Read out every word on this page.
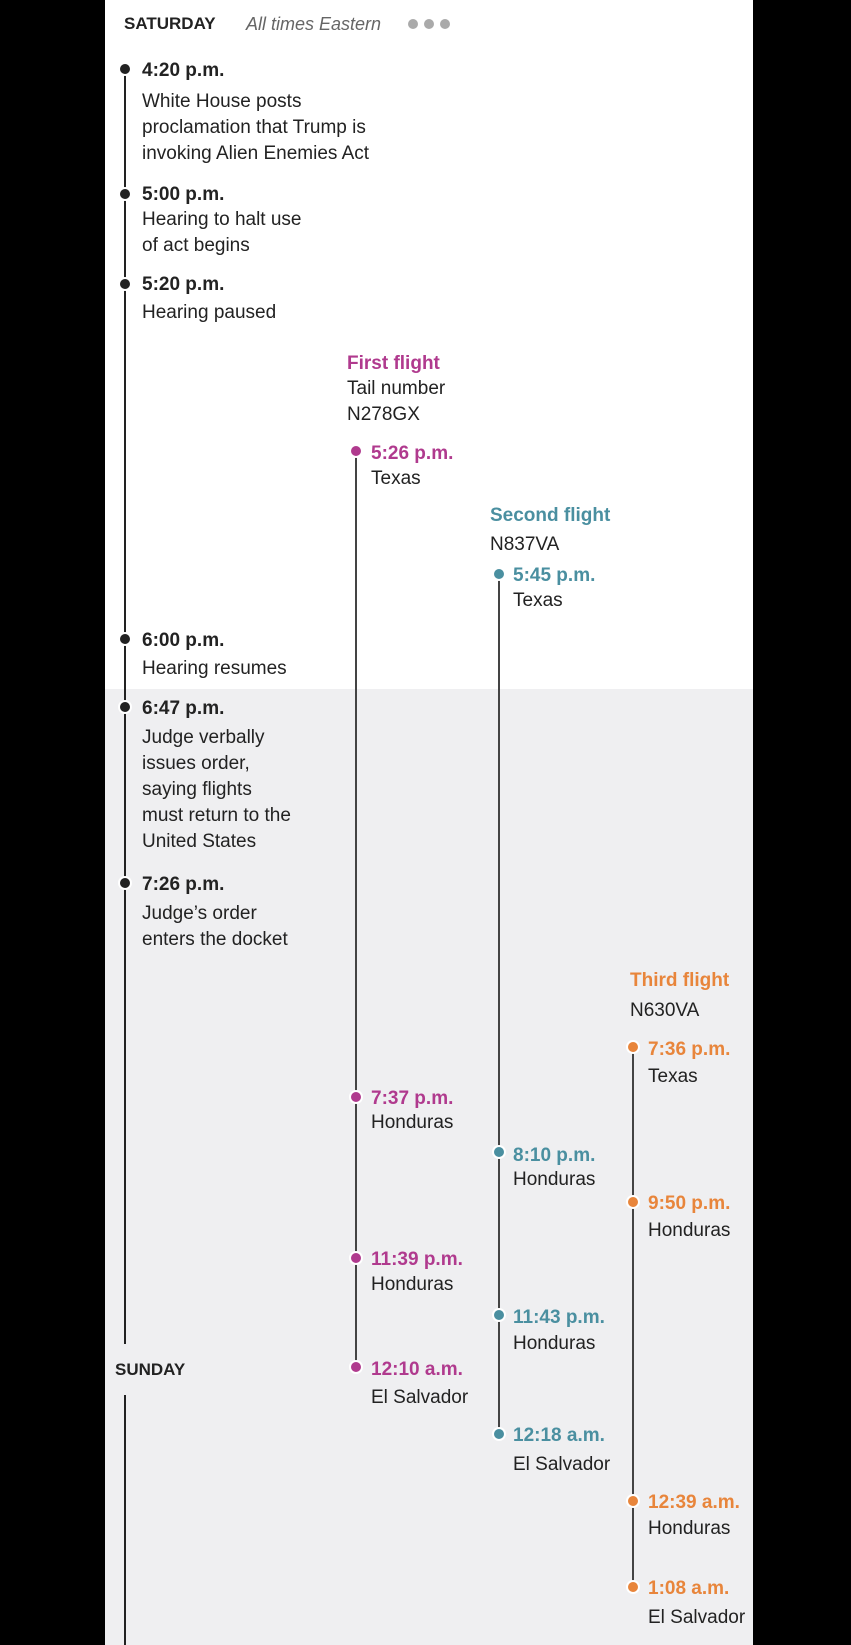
SATURDAY All times Eastern
4:20 p.m.
White House posts
proclamation that Trump is
invoking Alien Enemies Act
5:00 p.m.
Hearing to halt use
of act begins
5:20 p.m.
Hearing paused
6:00 p.m.
Hearing resumes
6:47 p.m.
Judge verbally
issues order,
saying flights
must return to the
United States
7:26 p.m.
Judge’s order
enters the docket
SUNDAY
First flight
Tail number
N278GX
5:26 p.m.
Texas
7:37 p.m.
Honduras
11:39 p.m.
Honduras
12:10 a.m.
El Salvador
Second flight
N837VA
5:45 p.m.
Texas
8:10 p.m.
Honduras
11:43 p.m.
Honduras
12:18 a.m.
El Salvador
Third flight
N630VA
7:36 p.m.
Texas
9:50 p.m.
Honduras
12:39 a.m.
Honduras
1:08 a.m.
El Salvador
